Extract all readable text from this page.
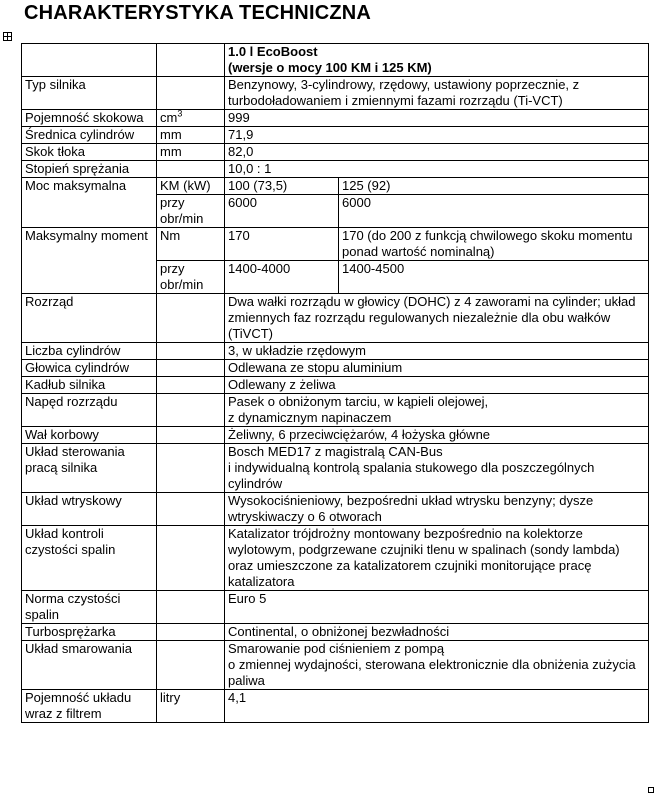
CHARAKTERYSTYKA TECHNICZNA

		1.0 l EcoBoost
(wersje o mocy 100 KM i 125 KM)	

Typ silnika		Benzynowy, 3-cylindrowy, rzędowy, ustawiony poprzecznie, z turbodoładowaniem i zmiennymi fazami rozrządu (Ti-VCT)	
Pojemność skokowa	$cm^3$	999	
Średnica cylindrów	mm	71,9	
Skok tłoka	mm	82,0	
Stopień sprężania		10,0 : 1	
Moc maksymalna	KM (kW)	100 (73,5)	125 (92)
	przy obr/min	6000	6000
Maksymalny moment	Nm	170	170 (do 200 z funkcją chwilowego skoku momentu ponad wartość nominalną)
	przy obr/min	1400-4000	1400-4500
Rozrząd		Dwa wałki rozrządu w głowicy (DOHC) z 4 zaworami na cylinder; układ zmiennych faz rozrządu regulowanych niezależnie dla obu wałków (TiVCT)	
Liczba cylindrów		3, w układzie rzędowym	
Głowica cylindrów		Odlewana ze stopu aluminium	
Kadłub silnika		Odlewany z żeliwa	
Napęd rozrządu		Pasek o obniżonym tarciu, w kąpieli olejowej,
z dynamicznym napinaczem	

Wał korbowy		Żeliwny, 6 przeciwciężarów, 4 łożyska główne	
Układ sterowania pracą silnika		Bosch MED17 z magistralą CAN-Bus
i indywidualną kontrolą spalania stukowego dla poszczególnych cylindrów	

Układ wtryskowy		Wysokociśnieniowy, bezpośredni układ wtrysku benzyny; dysze wtryskiwaczy o 6 otworach	
Układ kontroli czystości spalin		Katalizator trójdrożny montowany bezpośrednio na kolektorze wylotowym, podgrzewane czujniki tlenu w spalinach (sondy lambda) oraz umieszczone za katalizatorem czujniki monitorujące pracę katalizatora	
Norma czystości spalin		Euro 5	
Turbosprężarka		Continental, o obniżonej bezwładności	
Układ smarowania		Smarowanie pod ciśnieniem z pompą
o zmiennej wydajności, sterowana elektronicznie dla obniżenia zużycia paliwa	

Pojemność układu wraz z filtrem	litry	4,1	
